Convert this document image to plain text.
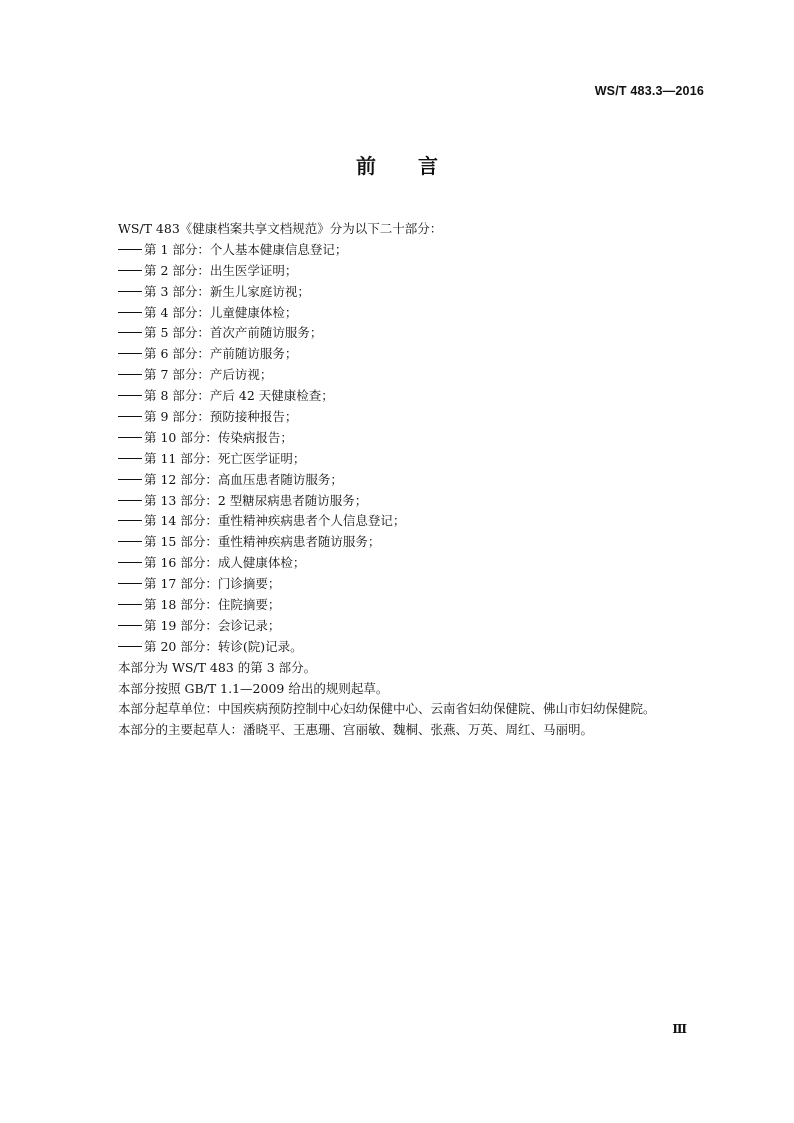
WS/T 483.3—2016
前言
WS/T 483《健康档案共享文档规范》分为以下二十部分：
第 1 部分：个人基本健康信息登记；
第 2 部分：出生医学证明；
第 3 部分：新生儿家庭访视；
第 4 部分：儿童健康体检；
第 5 部分：首次产前随访服务；
第 6 部分：产前随访服务；
第 7 部分：产后访视；
第 8 部分：产后 42 天健康检查；
第 9 部分：预防接种报告；
第 10 部分：传染病报告；
第 11 部分：死亡医学证明；
第 12 部分：高血压患者随访服务；
第 13 部分：2 型糖尿病患者随访服务；
第 14 部分：重性精神疾病患者个人信息登记；
第 15 部分：重性精神疾病患者随访服务；
第 16 部分：成人健康体检；
第 17 部分：门诊摘要；
第 18 部分：住院摘要；
第 19 部分：会诊记录；
第 20 部分：转诊(院)记录。
本部分为 WS/T 483 的第 3 部分。
本部分按照 GB/T 1.1—2009 给出的规则起草。
本部分起草单位：中国疾病预防控制中心妇幼保健中心、云南省妇幼保健院、佛山市妇幼保健院。
本部分的主要起草人：潘晓平、王惠珊、宫丽敏、魏桐、张燕、万英、周红、马丽明。
Ⅲ
